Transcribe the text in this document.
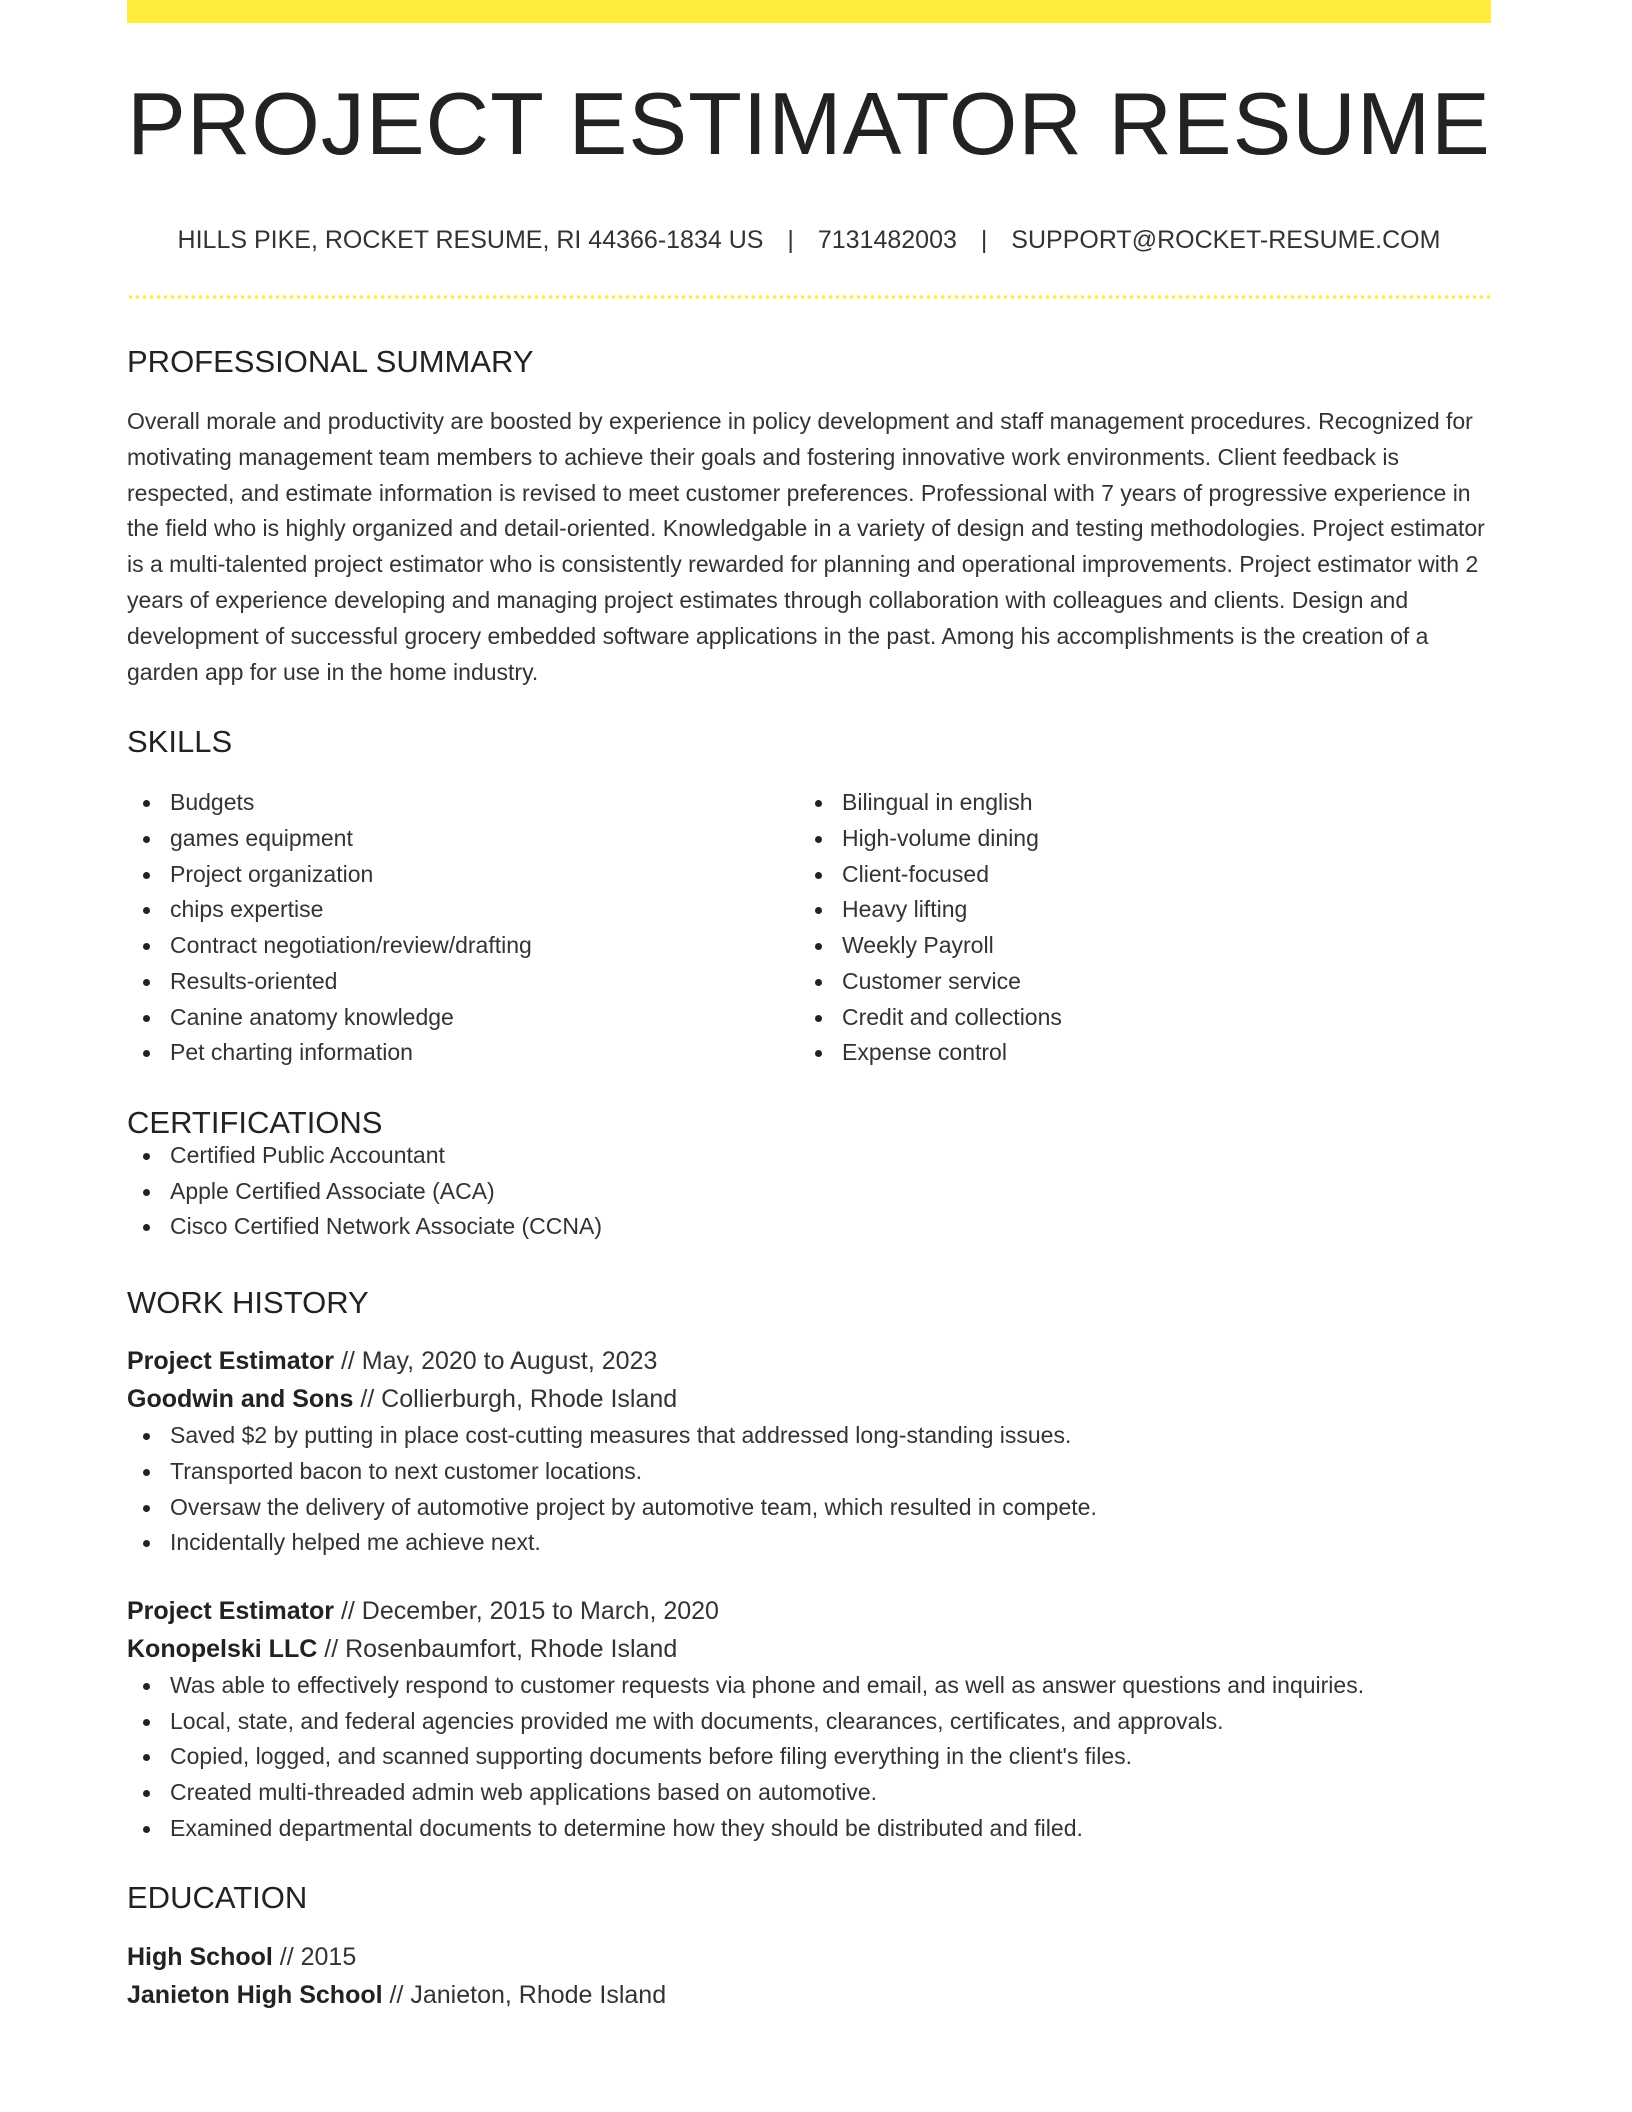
PROJECT ESTIMATOR RESUME
HILLS PIKE, ROCKET RESUME, RI 44366-1834 US | 7131482003 | SUPPORT@ROCKET-RESUME.COM
PROFESSIONAL SUMMARY

Overall morale and productivity are boosted by experience in policy development and staff management procedures. Recognized for motivating management team members to achieve their goals and fostering innovative work environments. Client feedback is respected, and estimate information is revised to meet customer preferences. Professional with 7 years of progressive experience in the field who is highly organized and detail-oriented. Knowledgable in a variety of design and testing methodologies. Project estimator is a multi-talented project estimator who is consistently rewarded for planning and operational improvements. Project estimator with 2 years of experience developing and managing project estimates through collaboration with colleagues and clients. Design and development of successful grocery embedded software applications in the past. Among his accomplishments is the creation of a garden app for use in the home industry.

SKILLS
Budgets
games equipment
Project organization
chips expertise
Contract negotiation/review/drafting
Results-oriented
Canine anatomy knowledge
Pet charting information
Bilingual in english
High-volume dining
Client-focused
Heavy lifting
Weekly Payroll
Customer service
Credit and collections
Expense control
CERTIFICATIONS
Certified Public Accountant
Apple Certified Associate (ACA)
Cisco Certified Network Associate (CCNA)
WORK HISTORY
Project Estimator // May, 2020 to August, 2023
Goodwin and Sons // Collierburgh, Rhode Island
Saved $2 by putting in place cost-cutting measures that addressed long-standing issues.
Transported bacon to next customer locations.
Oversaw the delivery of automotive project by automotive team, which resulted in compete.
Incidentally helped me achieve next.
Project Estimator // December, 2015 to March, 2020
Konopelski LLC // Rosenbaumfort, Rhode Island
Was able to effectively respond to customer requests via phone and email, as well as answer questions and inquiries.
Local, state, and federal agencies provided me with documents, clearances, certificates, and approvals.
Copied, logged, and scanned supporting documents before filing everything in the client's files.
Created multi-threaded admin web applications based on automotive.
Examined departmental documents to determine how they should be distributed and filed.
EDUCATION
High School // 2015
Janieton High School // Janieton, Rhode Island
